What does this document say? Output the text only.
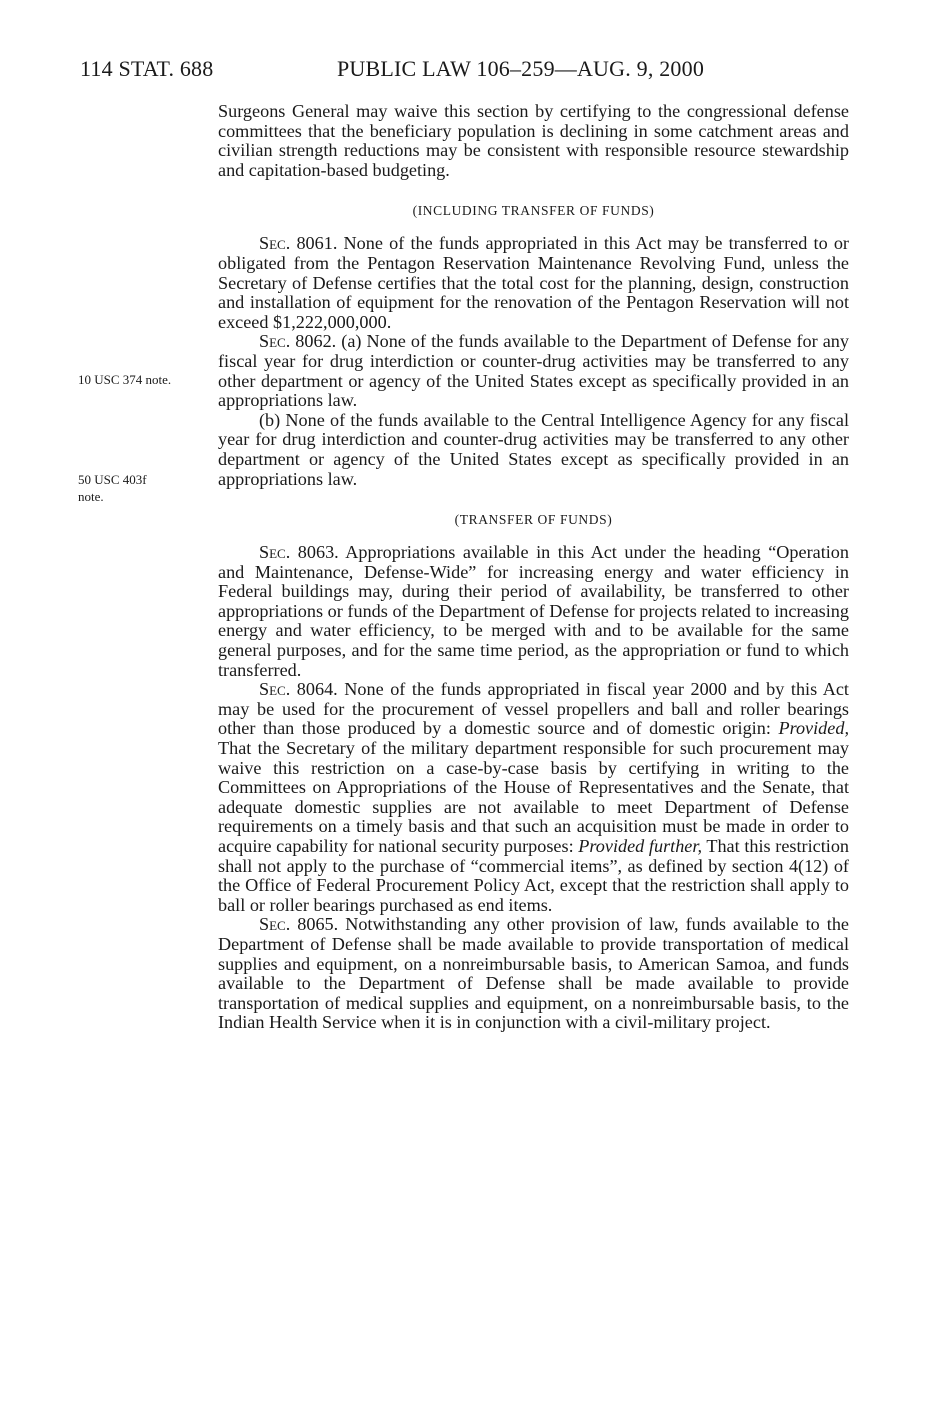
114 STAT. 688	PUBLIC LAW 106–259—AUG. 9, 2000
10 USC 374 note.
50 USC 403f
note.

Surgeons General may waive this section by certifying to the congressional defense committees that the beneficiary population is declining in some catchment areas and civilian strength reductions may be consistent with responsible resource stewardship and capitation-based budgeting.

(INCLUDING TRANSFER OF FUNDS)

Sec. 8061. None of the funds appropriated in this Act may be transferred to or obligated from the Pentagon Reservation Maintenance Revolving Fund, unless the Secretary of Defense certifies that the total cost for the planning, design, construction and installation of equipment for the renovation of the Pentagon Reservation will not exceed $1,222,000,000.

Sec. 8062. (a) None of the funds available to the Department of Defense for any fiscal year for drug interdiction or counter-drug activities may be transferred to any other department or agency of the United States except as specifically provided in an appropriations law.

(b) None of the funds available to the Central Intelligence Agency for any fiscal year for drug interdiction and counter-drug activities may be transferred to any other department or agency of the United States except as specifically provided in an appropriations law.

(TRANSFER OF FUNDS)

Sec. 8063. Appropriations available in this Act under the heading “Operation and Maintenance, Defense-Wide” for increasing energy and water efficiency in Federal buildings may, during their period of availability, be transferred to other appropriations or funds of the Department of Defense for projects related to increasing energy and water efficiency, to be merged with and to be available for the same general purposes, and for the same time period, as the appropriation or fund to which transferred.

Sec. 8064. None of the funds appropriated in fiscal year 2000 and by this Act may be used for the procurement of vessel propellers and ball and roller bearings other than those produced by a domestic source and of domestic origin: Provided, That the Secretary of the military department responsible for such procurement may waive this restriction on a case-by-case basis by certifying in writing to the Committees on Appropriations of the House of Representatives and the Senate, that adequate domestic supplies are not available to meet Department of Defense requirements on a timely basis and that such an acquisition must be made in order to acquire capability for national security purposes: Provided further, That this restriction shall not apply to the purchase of “commercial items”, as defined by section 4(12) of the Office of Federal Procurement Policy Act, except that the restriction shall apply to ball or roller bearings purchased as end items.

Sec. 8065. Notwithstanding any other provision of law, funds available to the Department of Defense shall be made available to provide transportation of medical supplies and equipment, on a nonreimbursable basis, to American Samoa, and funds available to the Department of Defense shall be made available to provide transportation of medical supplies and equipment, on a nonreimbursable basis, to the Indian Health Service when it is in conjunction with a civil-military project.
